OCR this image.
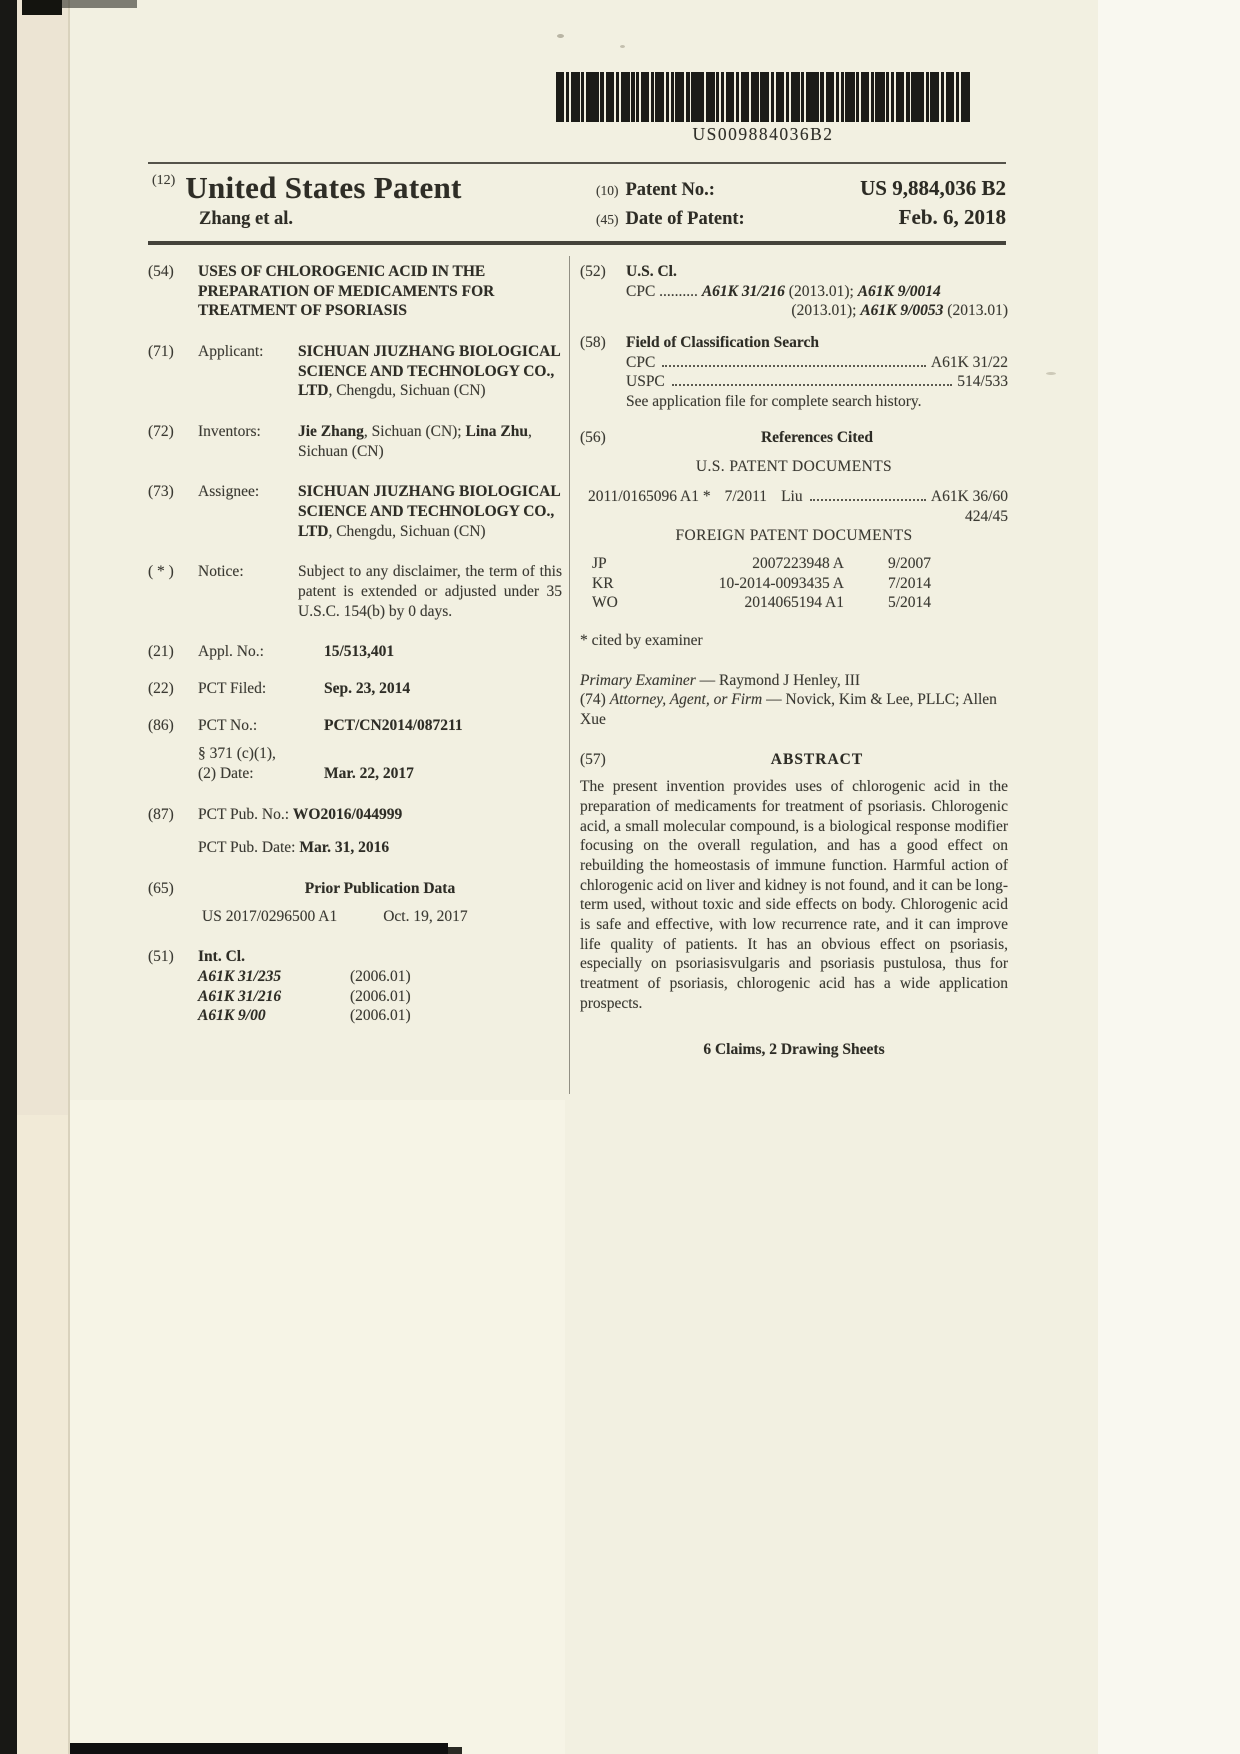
US009884036B2
(12) United States Patent
Zhang et al.
(10) Patent No.:	US 9,884,036 B2
(45) Date of Patent:	Feb. 6, 2018
(54)	USES OF CHLOROGENIC ACID IN THE PREPARATION OF MEDICAMENTS FOR TREATMENT OF PSORIASIS
(71)	Applicant:	SICHUAN JIUZHANG BIOLOGICAL SCIENCE AND TECHNOLOGY CO., LTD, Chengdu, Sichuan (CN)
(72)	Inventors:	Jie Zhang, Sichuan (CN); Lina Zhu, Sichuan (CN)
(73)	Assignee:	SICHUAN JIUZHANG BIOLOGICAL SCIENCE AND TECHNOLOGY CO., LTD, Chengdu, Sichuan (CN)
( * )	Notice:	Subject to any disclaimer, the term of this patent is extended or adjusted under 35 U.S.C. 154(b) by 0 days.
(21)	Appl. No.:	15/513,401
(22)	PCT Filed:	Sep. 23, 2014
(86)	PCT No.:	PCT/CN2014/087211
§ 371 (c)(1),
(2) Date:	Mar. 22, 2017
(87)	PCT Pub. No.: WO2016/044999
PCT Pub. Date: Mar. 31, 2016
(65)	Prior Publication Data
US 2017/0296500 A1	Oct. 19, 2017
(51)	Int. Cl.
A61K 31/235	(2006.01)
A61K 31/216	(2006.01)
A61K 9/00	(2006.01)
(52)	U.S. Cl.
CPC .......... A61K 31/216 (2013.01); A61K 9/0014
(2013.01); A61K 9/0053 (2013.01)
(58)	Field of Classification Search
CPC	A61K 31/22
USPC	514/533
See application file for complete search history.
(56)	References Cited
U.S. PATENT DOCUMENTS
2011/0165096 A1 * 7/2011 Liu	A61K 36/60
424/45
FOREIGN PATENT DOCUMENTS
JP	2007223948 A	9/2007
KR	10-2014-0093435 A	7/2014
WO	2014065194 A1	5/2014
* cited by examiner
Primary Examiner — Raymond J Henley, III
(74) Attorney, Agent, or Firm — Novick, Kim & Lee, PLLC; Allen Xue
(57)	ABSTRACT
The present invention provides uses of chlorogenic acid in the preparation of medicaments for treatment of psoriasis. Chlorogenic acid, a small molecular compound, is a biological response modifier focusing on the overall regulation, and has a good effect on rebuilding the homeostasis of immune function. Harmful action of chlorogenic acid on liver and kidney is not found, and it can be long-term used, without toxic and side effects on body. Chlorogenic acid is safe and effective, with low recurrence rate, and it can improve life quality of patients. It has an obvious effect on psoriasis, especially on psoriasisvulgaris and psoriasis pustulosa, thus for treatment of psoriasis, chlorogenic acid has a wide application prospects.
6 Claims, 2 Drawing Sheets
